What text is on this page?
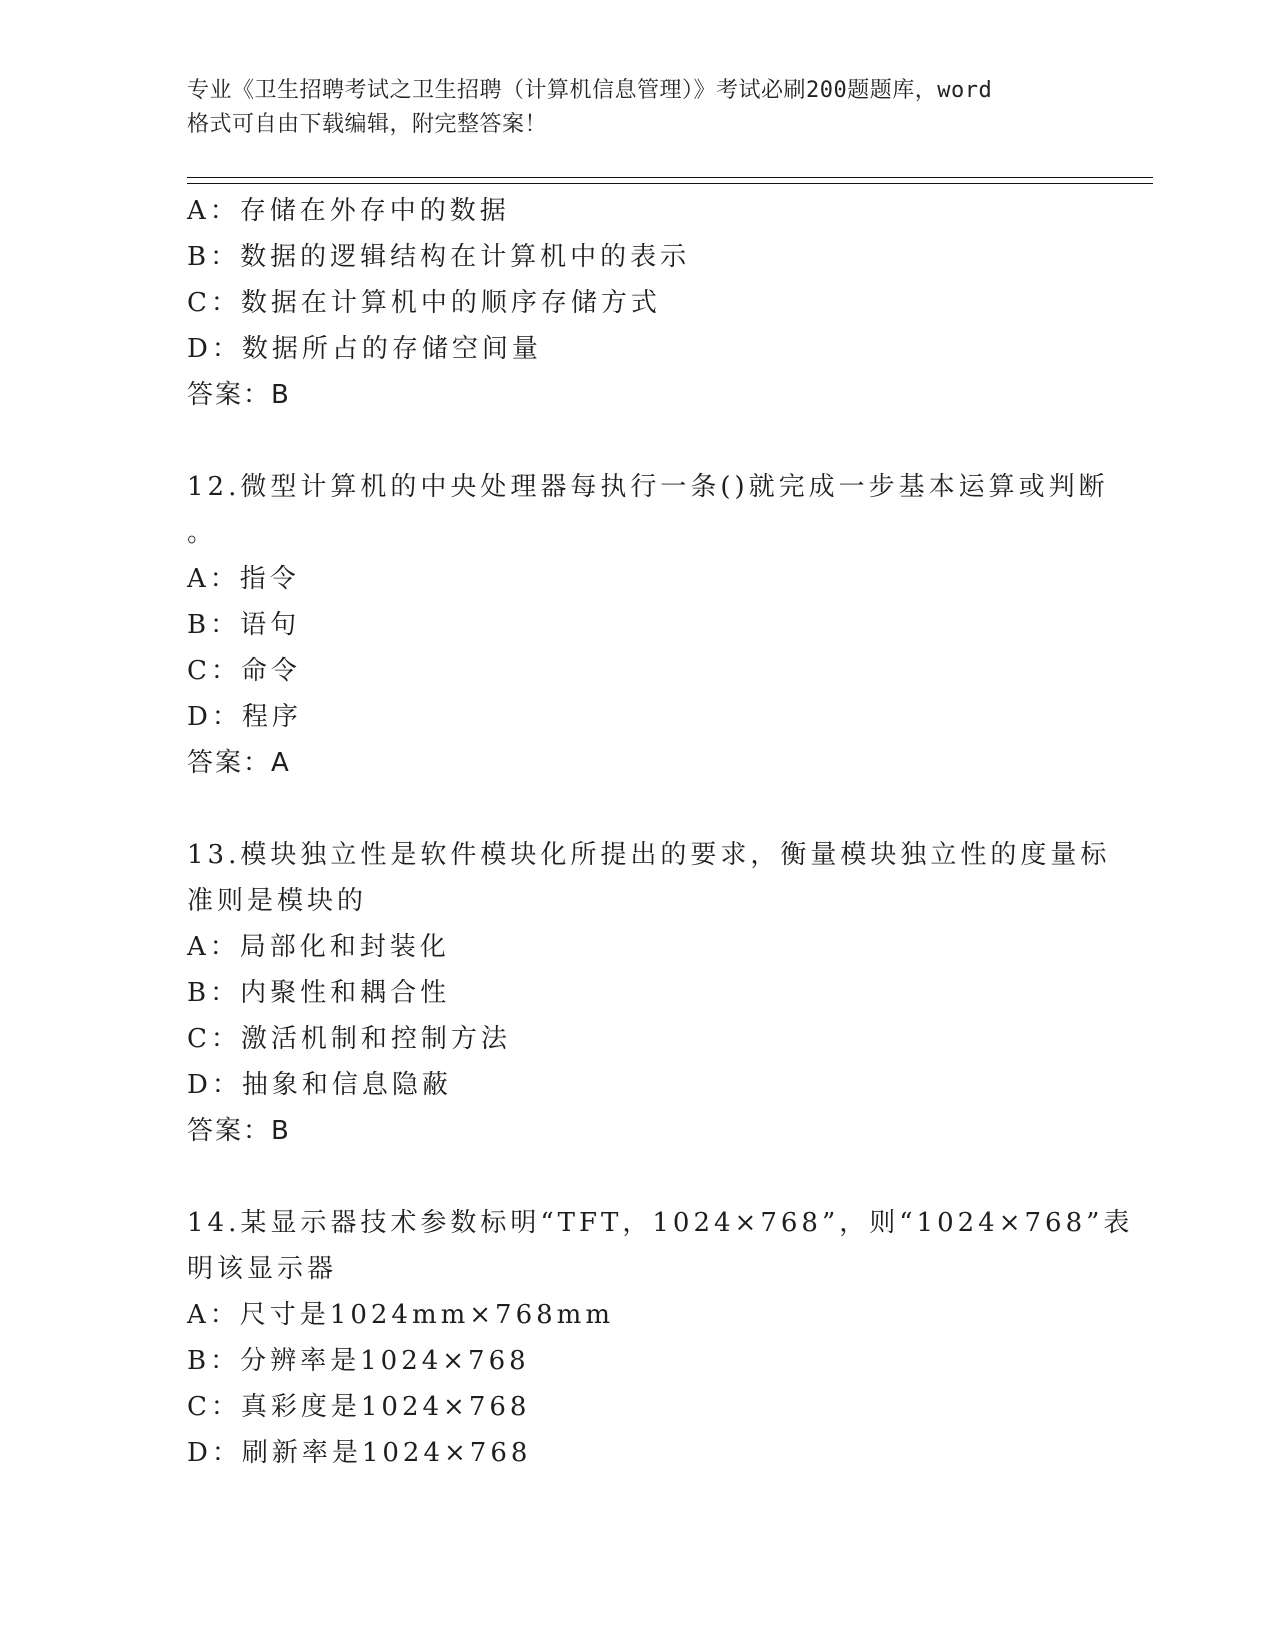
专业《卫生招聘考试之卫生招聘（计算机信息管理）》考试必刷200题题库，word
格式可自由下载编辑，附完整答案！
A：存储在外存中的数据
B：数据的逻辑结构在计算机中的表示
C：数据在计算机中的顺序存储方式
D：数据所占的存储空间量
答案：B
12.微型计算机的中央处理器每执行一条()就完成一步基本运算或判断
。
A：指令
B：语句
C：命令
D：程序
答案：A
13.模块独立性是软件模块化所提出的要求，衡量模块独立性的度量标
准则是模块的
A：局部化和封装化
B：内聚性和耦合性
C：激活机制和控制方法
D：抽象和信息隐蔽
答案：B
14.某显示器技术参数标明“TFT，1024×768”，则“1024×768”表
明该显示器
A：尺寸是1024mm×768mm
B：分辨率是1024×768
C：真彩度是1024×768
D：刷新率是1024×768
